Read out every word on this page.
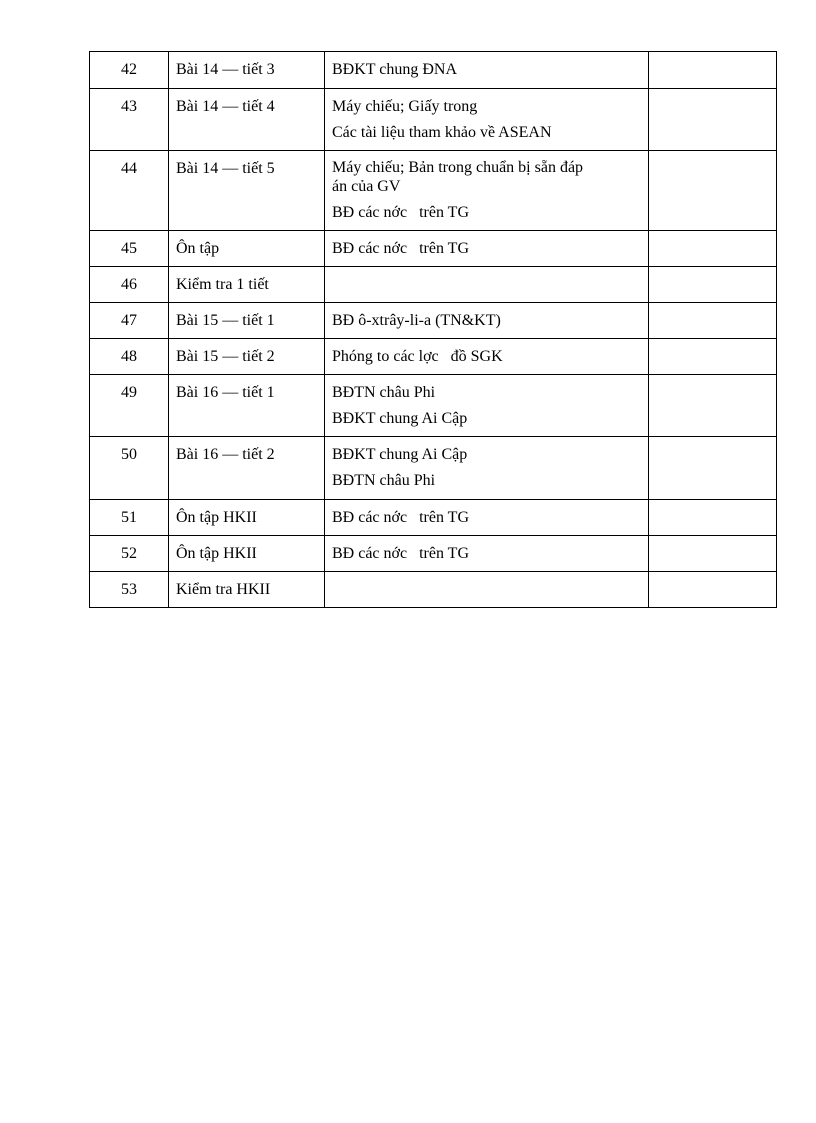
42	Bài 14 — tiết 3	BĐKT chung ĐNA	

43	Bài 14 — tiết 4	Máy chiếu; Giấy trong
Các tài liệu tham khảo về ASEAN	

44	Bài 14 — tiết 5	Máy chiếu; Bản trong chuẩn bị sẵn đáp
án của GV
BĐ các nớc   trên TG	

45	Ôn tập	BĐ các nớc   trên TG	

46	Kiểm tra 1 tiết		

47	Bài 15 — tiết 1	BĐ ô-xtrây-li-a (TN&KT)	

48	Bài 15 — tiết 2	Phóng to các lợc   đồ SGK	

49	Bài 16 — tiết 1	BĐTN châu Phi
BĐKT chung Ai Cập	

50	Bài 16 — tiết 2	BĐKT chung Ai Cập
BĐTN châu Phi	

51	Ôn tập HKII	BĐ các nớc   trên TG	

52	Ôn tập HKII	BĐ các nớc   trên TG	

53	Kiểm tra HKII		
